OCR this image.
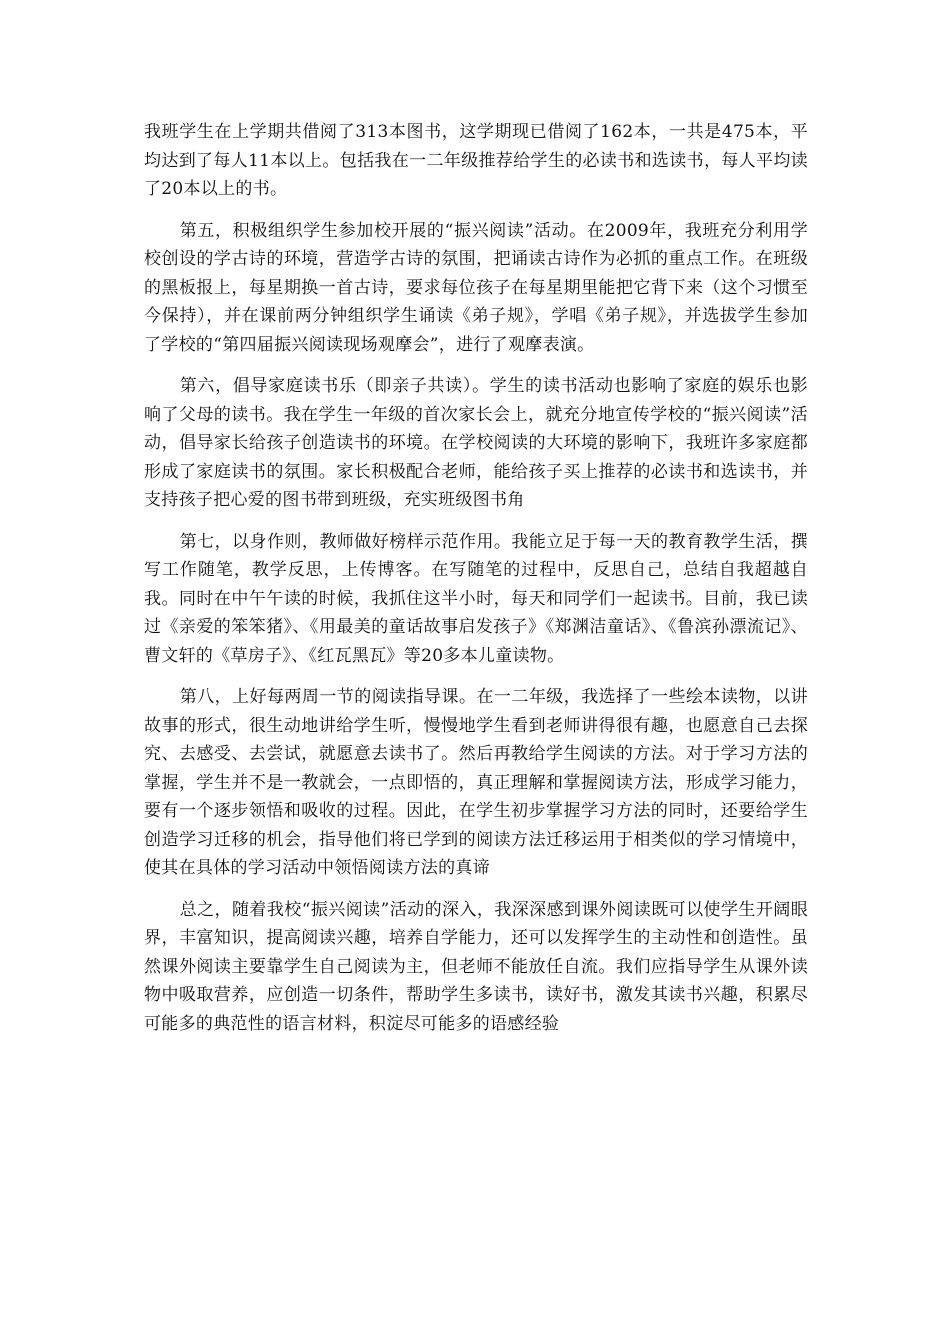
我班学生在上学期共借阅了313本图书，这学期现已借阅了162本，一共是475本，平均达到了每人11本以上。包括我在一二年级推荐给学生的必读书和选读书，每人平均读了20本以上的书。

第五，积极组织学生参加校开展的“振兴阅读”活动。在2009年，我班充分利用学校创设的学古诗的环境，营造学古诗的氛围，把诵读古诗作为必抓的重点工作。在班级的黑板报上，每星期换一首古诗，要求每位孩子在每星期里能把它背下来（这个习惯至今保持），并在课前两分钟组织学生诵读《弟子规》，学唱《弟子规》，并选拔学生参加了学校的“第四届振兴阅读现场观摩会”，进行了观摩表演。

第六，倡导家庭读书乐（即亲子共读）。学生的读书活动也影响了家庭的娱乐也影响了父母的读书。我在学生一年级的首次家长会上，就充分地宣传学校的“振兴阅读”活动，倡导家长给孩子创造读书的环境。在学校阅读的大环境的影响下，我班许多家庭都形成了家庭读书的氛围。家长积极配合老师，能给孩子买上推荐的必读书和选读书，并支持孩子把心爱的图书带到班级，充实班级图书角

第七，以身作则，教师做好榜样示范作用。我能立足于每一天的教育教学生活，撰写工作随笔，教学反思，上传博客。在写随笔的过程中，反思自己，总结自我超越自我。同时在中午午读的时候，我抓住这半小时，每天和同学们一起读书。目前，我已读过《亲爱的笨笨猪》、《用最美的童话故事启发孩子》《郑渊洁童话》、《鲁滨孙漂流记》、曹文轩的《草房子》、《红瓦黑瓦》等20多本儿童读物。

第八，上好每两周一节的阅读指导课。在一二年级，我选择了一些绘本读物，以讲故事的形式，很生动地讲给学生听，慢慢地学生看到老师讲得很有趣，也愿意自己去探究、去感受、去尝试，就愿意去读书了。然后再教给学生阅读的方法。对于学习方法的掌握，学生并不是一教就会，一点即悟的，真正理解和掌握阅读方法，形成学习能力，要有一个逐步领悟和吸收的过程。因此，在学生初步掌握学习方法的同时，还要给学生创造学习迁移的机会，指导他们将已学到的阅读方法迁移运用于相类似的学习情境中，使其在具体的学习活动中领悟阅读方法的真谛

总之，随着我校“振兴阅读”活动的深入，我深深感到课外阅读既可以使学生开阔眼界，丰富知识，提高阅读兴趣，培养自学能力，还可以发挥学生的主动性和创造性。虽然课外阅读主要靠学生自己阅读为主，但老师不能放任自流。我们应指导学生从课外读物中吸取营养，应创造一切条件，帮助学生多读书，读好书，激发其读书兴趣，积累尽可能多的典范性的语言材料，积淀尽可能多的语感经验
